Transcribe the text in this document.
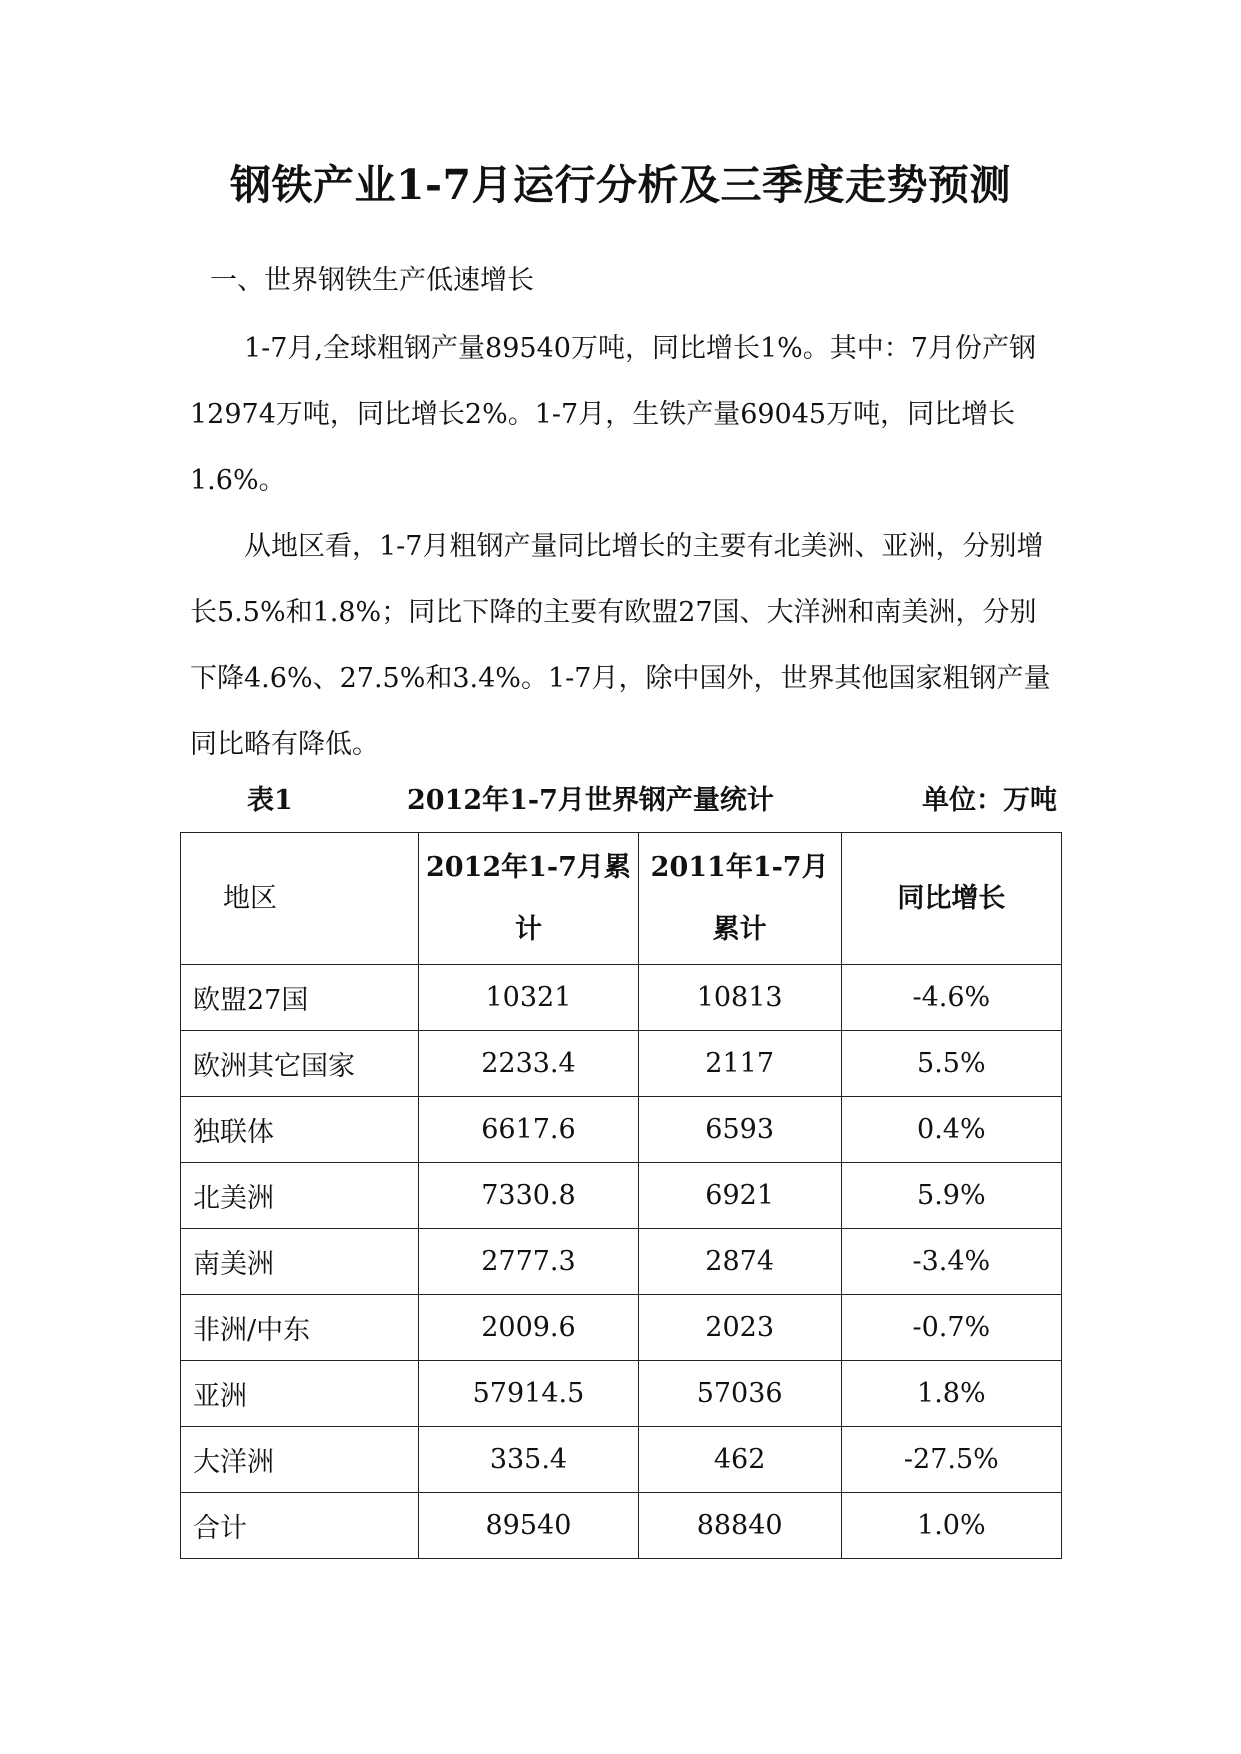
钢铁产业1-7月运行分析及三季度走势预测

一、世界钢铁生产低速增长

1-7月,全球粗钢产量89540万吨，同比增长1%。其中：7月份产钢12974万吨，同比增长2%。1-7月，生铁产量69045万吨，同比增长1.6%。

从地区看，1-7月粗钢产量同比增长的主要有北美洲、亚洲，分别增长5.5%和1.8%；同比下降的主要有欧盟27国、大洋洲和南美洲，分别下降4.6%、27.5%和3.4%。1-7月，除中国外，世界其他国家粗钢产量同比略有降低。

表1	2012年1-7月世界钢产量统计	单位：万吨
地区	2012年1-7月累计	2011年1-7月累计	同比增长
欧盟27国	10321	10813	-4.6%
欧洲其它国家	2233.4	2117	5.5%
独联体	6617.6	6593	0.4%
北美洲	7330.8	6921	5.9%
南美洲	2777.3	2874	-3.4%
非洲/中东	2009.6	2023	-0.7%
亚洲	57914.5	57036	1.8%
大洋洲	335.4	462	-27.5%
合计	89540	88840	1.0%
